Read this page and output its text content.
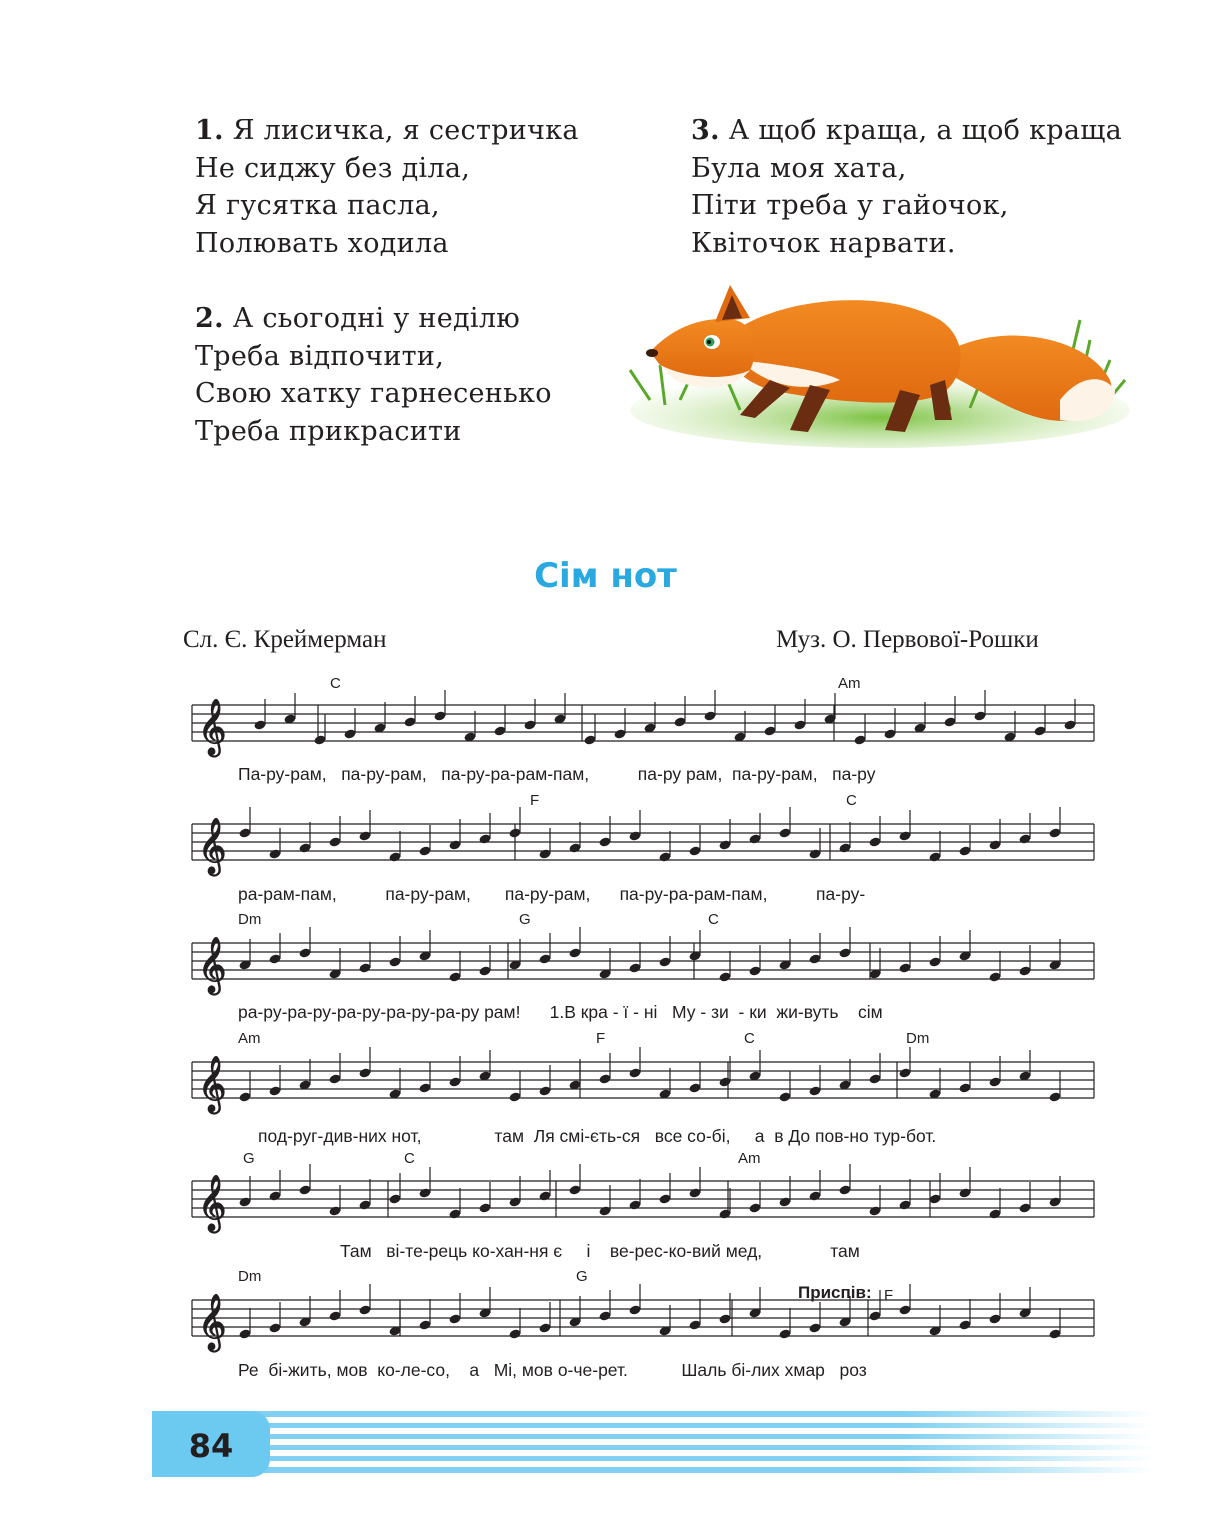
1. Я лисичка, я сестричка
Не сиджу без діла,
Я гусятка пасла,
Полювать ходила
2. А сьогодні у неділю
Треба відпочити,
Свою хатку гарнесенько
Треба прикрасити
3. А щоб краща, а щоб краща
Була моя хата,
Піти треба у гайочок,
Квіточок нарвати.
Сім нот
Сл. Є. Креймерман	Муз. О. Первової-Рошки
𝄞
𝄞
𝄞
𝄞
𝄞
𝄞
C	Am
F	C
Dm	G	C
Am	F	C	Dm
G	C	Am
Dm	G
F
Приспів:
Па-ру-рам,   па-ру-рам,   па-ру-ра-рам-пам,          па-ру рам,  па-ру-рам,   па-ру
ра-рам-пам,          па-ру-рам,       па-ру-рам,      па-ру-ра-рам-пам,          па-ру-
ра-ру-ра-ру-ра-ру-ра-ру-ра-ру рам!      1.В кра - ї - ні   Му - зи  - ки  жи-вуть    сім
под-руг-див-них нот,               там  Ля смі-єть-ся   все со-бі,     а  в До пов-но тур-бот.
Там   ві-те-рець ко-хан-ня є     і    ве-рес-ко-вий мед,              там
Ре  бі-жить, мов  ко-ле-со,    а   Мі, мов о-че-рет.           Шаль бі-лих хмар   роз
84
